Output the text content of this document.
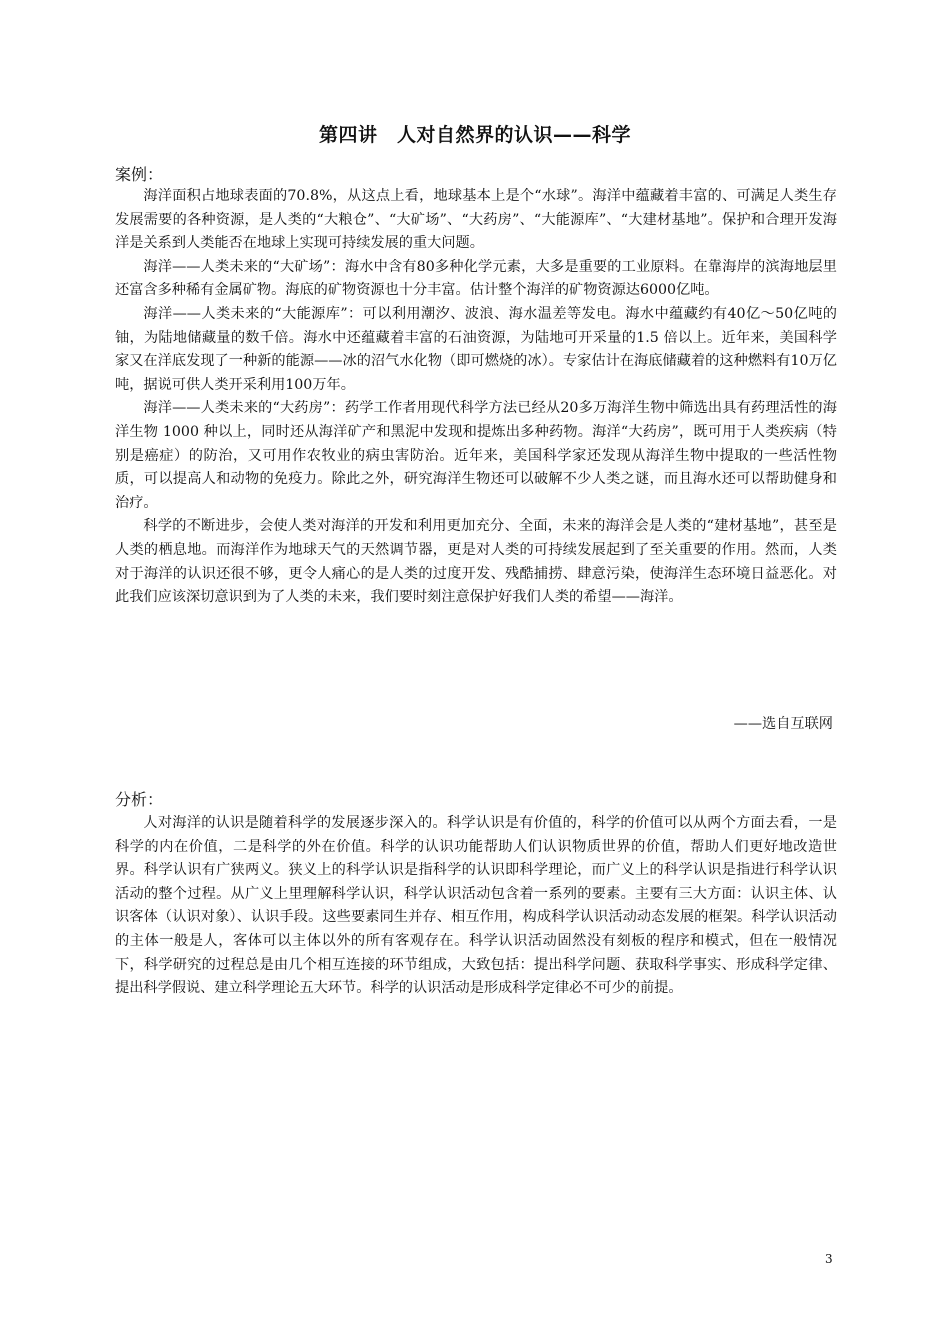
第四讲　人对自然界的认识——科学
案例：

海洋面积占地球表面的70.8%，从这点上看，地球基本上是个“水球”。海洋中蕴藏着丰富的、可满足人类生存发展需要的各种资源，是人类的“大粮仓”、“大矿场”、“大药房”、“大能源库”、“大建材基地”。保护和合理开发海洋是关系到人类能否在地球上实现可持续发展的重大问题。

海洋——人类未来的“大矿场”：海水中含有80多种化学元素，大多是重要的工业原料。在靠海岸的滨海地层里还富含多种稀有金属矿物。海底的矿物资源也十分丰富。估计整个海洋的矿物资源达6000亿吨。

海洋——人类未来的“大能源库”：可以利用潮汐、波浪、海水温差等发电。海水中蕴藏约有40亿～50亿吨的铀，为陆地储藏量的数千倍。海水中还蕴藏着丰富的石油资源，为陆地可开采量的1.5 倍以上。近年来，美国科学家又在洋底发现了一种新的能源——冰的沼气水化物（即可燃烧的冰）。专家估计在海底储藏着的这种燃料有10万亿吨，据说可供人类开采利用100万年。

海洋——人类未来的“大药房”：药学工作者用现代科学方法已经从20多万海洋生物中筛选出具有药理活性的海洋生物 1000 种以上，同时还从海洋矿产和黑泥中发现和提炼出多种药物。海洋“大药房”，既可用于人类疾病（特别是癌症）的防治，又可用作农牧业的病虫害防治。近年来，美国科学家还发现从海洋生物中提取的一些活性物质，可以提高人和动物的免疫力。除此之外，研究海洋生物还可以破解不少人类之谜，而且海水还可以帮助健身和治疗。

科学的不断进步，会使人类对海洋的开发和利用更加充分、全面，未来的海洋会是人类的“建材基地”，甚至是人类的栖息地。而海洋作为地球天气的天然调节器，更是对人类的可持续发展起到了至关重要的作用。然而，人类对于海洋的认识还很不够，更令人痛心的是人类的过度开发、残酷捕捞、肆意污染，使海洋生态环境日益恶化。对此我们应该深切意识到为了人类的未来，我们要时刻注意保护好我们人类的希望——海洋。

——选自互联网
分析：

人对海洋的认识是随着科学的发展逐步深入的。科学认识是有价值的，科学的价值可以从两个方面去看，一是科学的内在价值，二是科学的外在价值。科学的认识功能帮助人们认识物质世界的价值，帮助人们更好地改造世界。科学认识有广狭两义。狭义上的科学认识是指科学的认识即科学理论，而广义上的科学认识是指进行科学认识活动的整个过程。从广义上里理解科学认识，科学认识活动包含着一系列的要素。主要有三大方面：认识主体、认识客体（认识对象）、认识手段。这些要素同生并存、相互作用，构成科学认识活动动态发展的框架。科学认识活动的主体一般是人，客体可以主体以外的所有客观存在。科学认识活动固然没有刻板的程序和模式，但在一般情况下，科学研究的过程总是由几个相互连接的环节组成，大致包括：提出科学问题、获取科学事实、形成科学定律、提出科学假说、建立科学理论五大环节。科学的认识活动是形成科学定律必不可少的前提。

3
